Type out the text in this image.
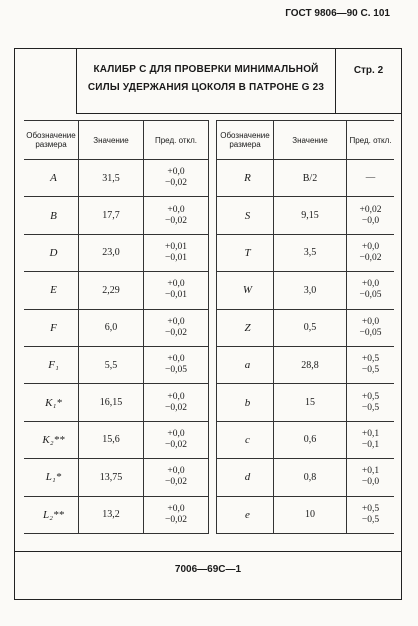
ГОСТ 9806—90 С. 101
КАЛИБР С ДЛЯ ПРОВЕРКИ МИНИМАЛЬНОЙ
СИЛЫ УДЕРЖАНИЯ ЦОКОЛЯ В ПАТРОНЕ G 23
Стр. 2
Обозначение размера	Значение	Пред. откл.
A	31,5	+0,0
−0,02

B	17,7	+0,0
−0,02

D	23,0	+0,01
−0,01

E	2,29	+0,0
−0,01

F	6,0	+0,0
−0,02

F₁	5,5	+0,0
−0,05

K₁*	16,15	+0,0
−0,02

K₂**	15,6	+0,0
−0,02

L₁*	13,75	+0,0
−0,02

L₂**	13,2	+0,0
−0,02
Обозначение размера	Значение	Пред. откл.
R	B/2	—

S	9,15	+0,02
−0,0

T	3,5	+0,0
−0,02

W	3,0	+0,0
−0,05

Z	0,5	+0,0
−0,05

a	28,8	+0,5
−0,5

b	15	+0,5
−0,5

c	0,6	+0,1
−0,1

d	0,8	+0,1
−0,0

e	10	+0,5
−0,5
7006—69С—1
